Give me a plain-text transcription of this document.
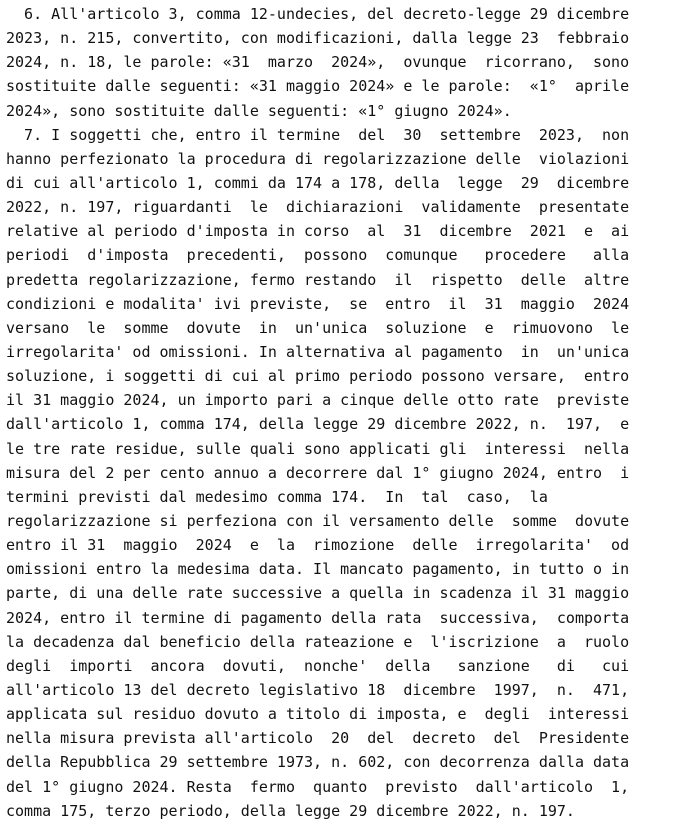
6. All'articolo 3, comma 12-undecies, del decreto-legge 29 dicembre
2023, n. 215, convertito, con modificazioni, dalla legge 23  febbraio
2024, n. 18, le parole: «31  marzo  2024»,  ovunque  ricorrano,  sono
sostituite dalle seguenti: «31 maggio 2024» e le parole:  «1°  aprile
2024», sono sostituite dalle seguenti: «1° giugno 2024».
7. I soggetti che, entro il termine  del  30  settembre  2023,  non
hanno perfezionato la procedura di regolarizzazione delle  violazioni
di cui all'articolo 1, commi da 174 a 178, della  legge  29  dicembre
2022, n. 197, riguardanti  le  dichiarazioni  validamente  presentate
relative al periodo d'imposta in corso  al  31  dicembre  2021  e  ai
periodi  d'imposta  precedenti,  possono  comunque   procedere   alla
predetta regolarizzazione, fermo restando  il  rispetto  delle  altre
condizioni e modalita' ivi previste,  se  entro  il  31  maggio  2024
versano  le  somme  dovute  in  un'unica  soluzione  e  rimuovono  le
irregolarita' od omissioni. In alternativa al pagamento  in  un'unica
soluzione, i soggetti di cui al primo periodo possono versare,  entro
il 31 maggio 2024, un importo pari a cinque delle otto rate  previste
dall'articolo 1, comma 174, della legge 29 dicembre 2022, n.  197,  e
le tre rate residue, sulle quali sono applicati gli  interessi  nella
misura del 2 per cento annuo a decorrere dal 1° giugno 2024, entro  i
termini previsti dal medesimo comma 174.  In  tal  caso,  la
regolarizzazione si perfeziona con il versamento delle  somme  dovute
entro il 31  maggio  2024  e  la  rimozione  delle  irregolarita'  od
omissioni entro la medesima data. Il mancato pagamento, in tutto o in
parte, di una delle rate successive a quella in scadenza il 31 maggio
2024, entro il termine di pagamento della rata  successiva,  comporta
la decadenza dal beneficio della rateazione e  l'iscrizione  a  ruolo
degli  importi  ancora  dovuti,  nonche'  della   sanzione   di   cui
all'articolo 13 del decreto legislativo 18  dicembre  1997,  n.  471,
applicata sul residuo dovuto a titolo di imposta, e  degli  interessi
nella misura prevista all'articolo  20  del  decreto  del  Presidente
della Repubblica 29 settembre 1973, n. 602, con decorrenza dalla data
del 1° giugno 2024. Resta  fermo  quanto  previsto  dall'articolo  1,
comma 175, terzo periodo, della legge 29 dicembre 2022, n. 197.
